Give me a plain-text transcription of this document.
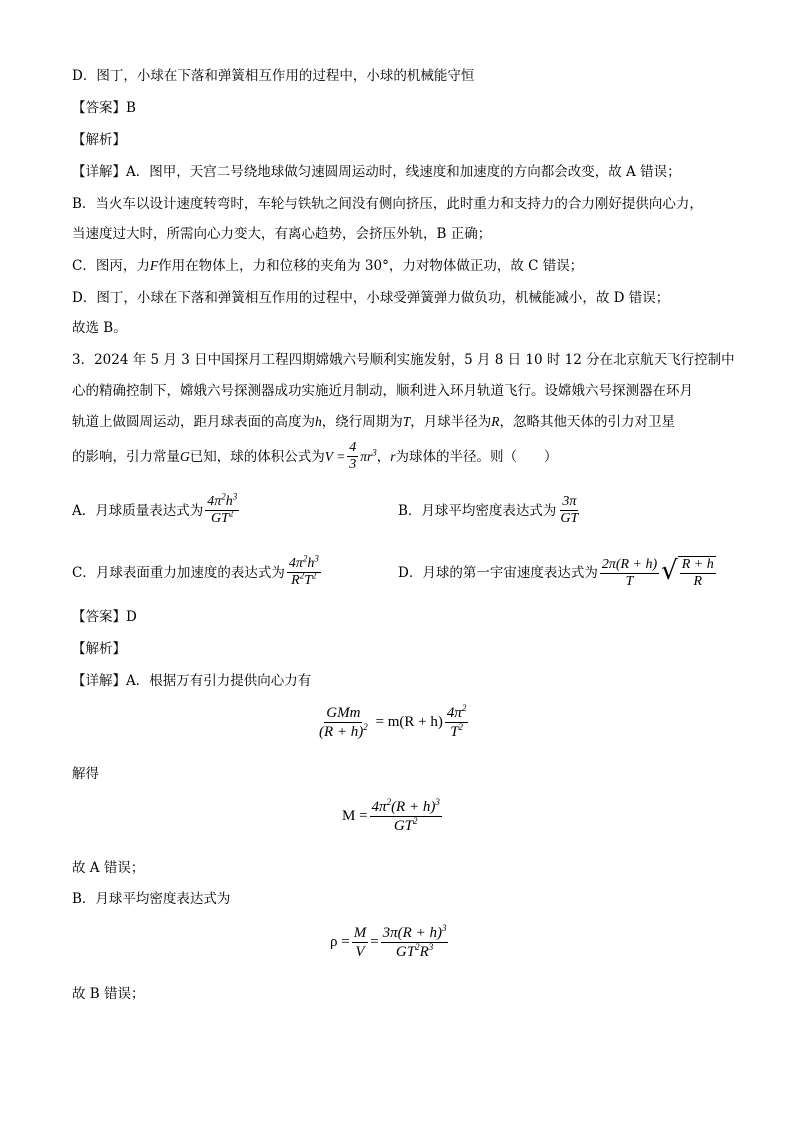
D．图丁，小球在下落和弹簧相互作用的过程中，小球的机械能守恒
【答案】B
【解析】
【详解】A．图甲，天宫二号绕地球做匀速圆周运动时，线速度和加速度的方向都会改变，故 A 错误；
B．当火车以设计速度转弯时，车轮与铁轨之间没有侧向挤压，此时重力和支持力的合力刚好提供向心力，
当速度过大时，所需向心力变大，有离心趋势，会挤压外轨，B 正确；
C．图丙，力F作用在物体上，力和位移的夹角为 30°，力对物体做正功，故 C 错误；
D．图丁，小球在下落和弹簧相互作用的过程中，小球受弹簧弹力做负功，机械能减小，故 D 错误；
故选 B。
3．2024 年 5 月 3 日中国探月工程四期嫦娥六号顺利实施发射，5 月 8 日 10 时 12 分在北京航天飞行控制中
心的精确控制下，嫦娥六号探测器成功实施近月制动，顺利进入环月轨道飞行。设嫦娥六号探测器在环月
轨道上做圆周运动，距月球表面的高度为h，绕行周期为T，月球半径为R，忽略其他天体的引力对卫星
的影响，引力常量 G 已知，球的体积公式为 $V = \frac{4}{3} \pi r^3$ ， r 为球体的半径。则（　　）
A．月球质量表达式为 $\frac{4\pi^2h^3}{GT^2}$	B．月球平均密度表达式为 $\frac{3\pi}{GT}$
C．月球表面重力加速度的表达式为 $\frac{4\pi^2h^3}{R^2T^2}$	D．月球的第一宇宙速度表达式为 $\frac{2\pi(R + h)}{T}$ √ $\frac{R + h}{R}$
【答案】D
【解析】
【详解】A．根据万有引力提供向心力有
$\frac{\text{GMm}}{(R + h)^2} = m(R + h) \frac{4\pi^2}{T^2}$
解得
$M = \frac{4\pi^2(R + h)^3}{GT^2}$
故 A 错误；
B．月球平均密度表达式为
$\rho = \frac{M}{V} = \frac{3\pi(R + h)^3}{GT^2R^3}$
故 B 错误；
